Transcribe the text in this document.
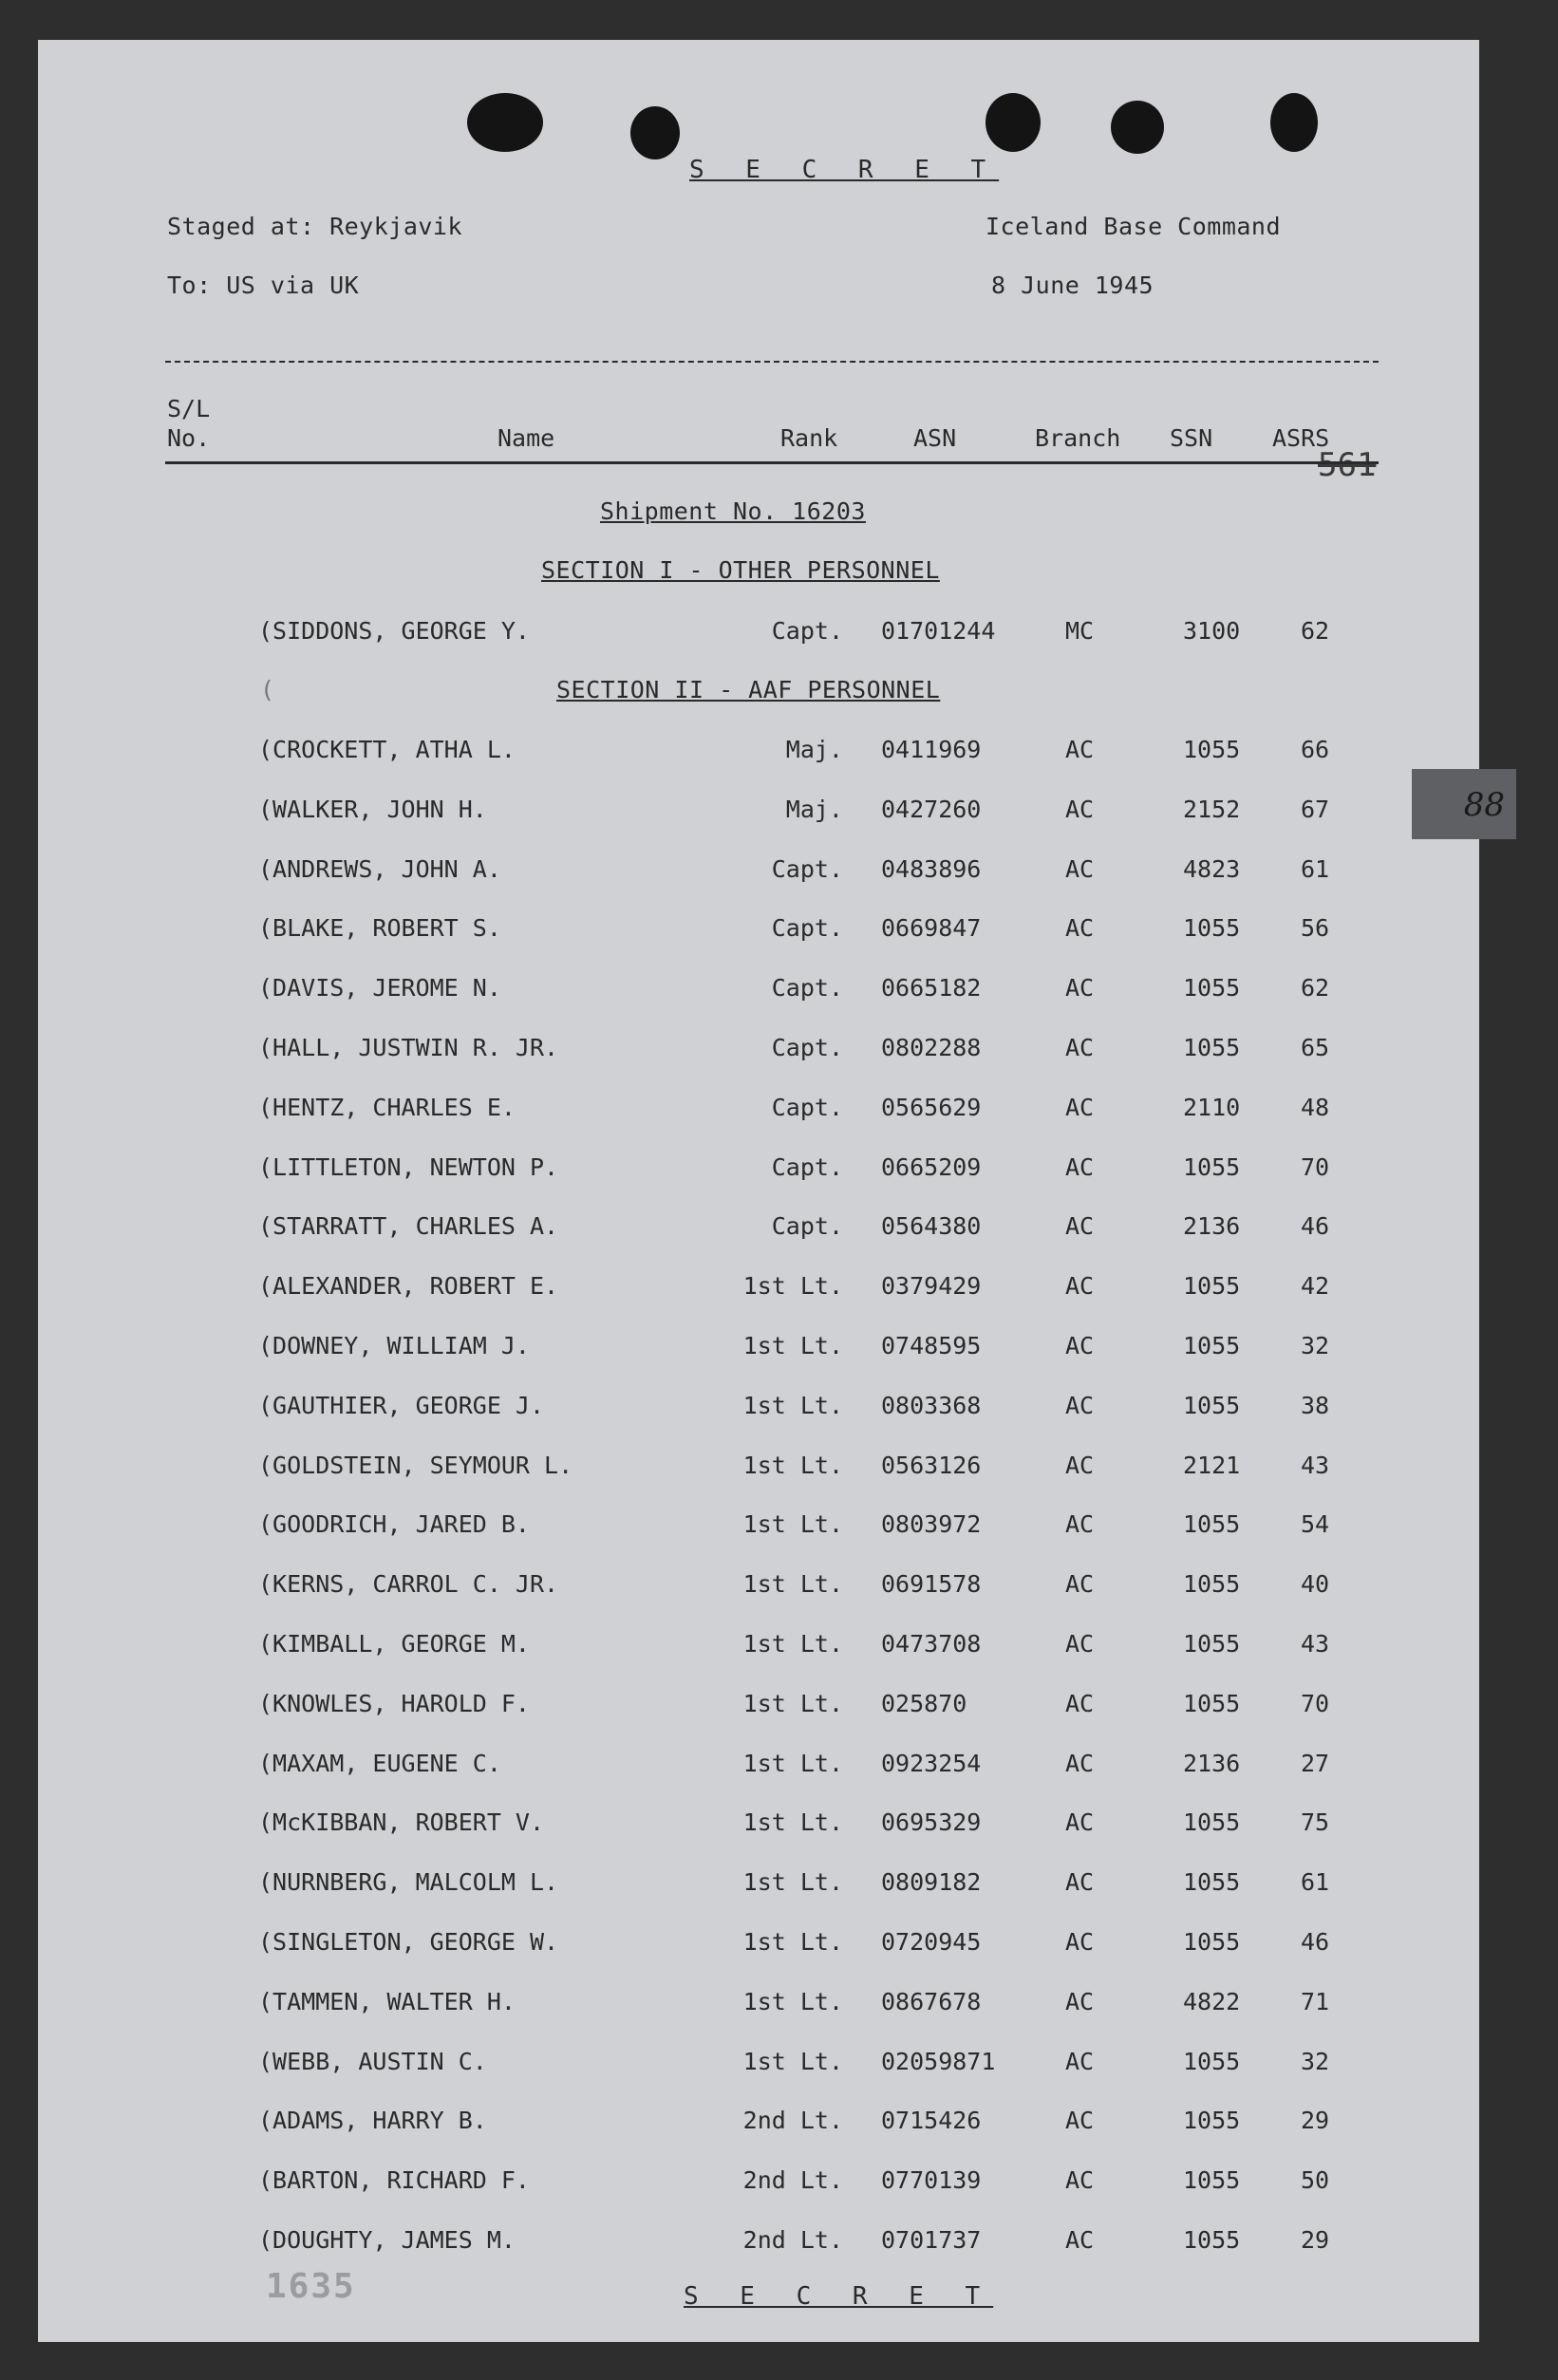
S E C R E T
Staged at: Reykjavik	Iceland Base Command
To: US via UK	8 June 1945
S/L
No.	Name	Rank	ASN	Branch SSN	ASRS
561
Shipment No. 16203
SECTION I - OTHER PERSONNEL
(SIDDONS, GEORGE Y.	Capt. 01701244	MC	3100	62
(	SECTION II - AAF PERSONNEL
(CROCKETT, ATHA L.	Maj. 0411969	AC	1055	66
(WALKER, JOHN H.	Maj. 0427260	AC	2152	67
(ANDREWS, JOHN A.	Capt. 0483896	AC	4823	61
(BLAKE, ROBERT S.	Capt. 0669847	AC	1055	56
(DAVIS, JEROME N.	Capt. 0665182	AC	1055	62
(HALL, JUSTWIN R. JR.	Capt. 0802288	AC	1055	65
(HENTZ, CHARLES E.	Capt. 0565629	AC	2110	48
(LITTLETON, NEWTON P.	Capt. 0665209	AC	1055	70
(STARRATT, CHARLES A.	Capt. 0564380	AC	2136	46
(ALEXANDER, ROBERT E.	1st Lt. 0379429	AC	1055	42
(DOWNEY, WILLIAM J.	1st Lt. 0748595	AC	1055	32
(GAUTHIER, GEORGE J.	1st Lt. 0803368	AC	1055	38
(GOLDSTEIN, SEYMOUR L.	1st Lt. 0563126	AC	2121	43
(GOODRICH, JARED B.	1st Lt. 0803972	AC	1055	54
(KERNS, CARROL C. JR.	1st Lt. 0691578	AC	1055	40
(KIMBALL, GEORGE M.	1st Lt. 0473708	AC	1055	43
(KNOWLES, HAROLD F.	1st Lt. 025870	AC	1055	70
(MAXAM, EUGENE C.	1st Lt. 0923254	AC	2136	27
(McKIBBAN, ROBERT V.	1st Lt. 0695329	AC	1055	75
(NURNBERG, MALCOLM L.	1st Lt. 0809182	AC	1055	61
(SINGLETON, GEORGE W.	1st Lt. 0720945	AC	1055	46
(TAMMEN, WALTER H.	1st Lt. 0867678	AC	4822	71
(WEBB, AUSTIN C.	1st Lt. 02059871	AC	1055	32
(ADAMS, HARRY B.	2nd Lt. 0715426	AC	1055	29
(BARTON, RICHARD F.	2nd Lt. 0770139	AC	1055	50
(DOUGHTY, JAMES M.	2nd Lt. 0701737	AC	1055	29
88
1635	S E C R E T
